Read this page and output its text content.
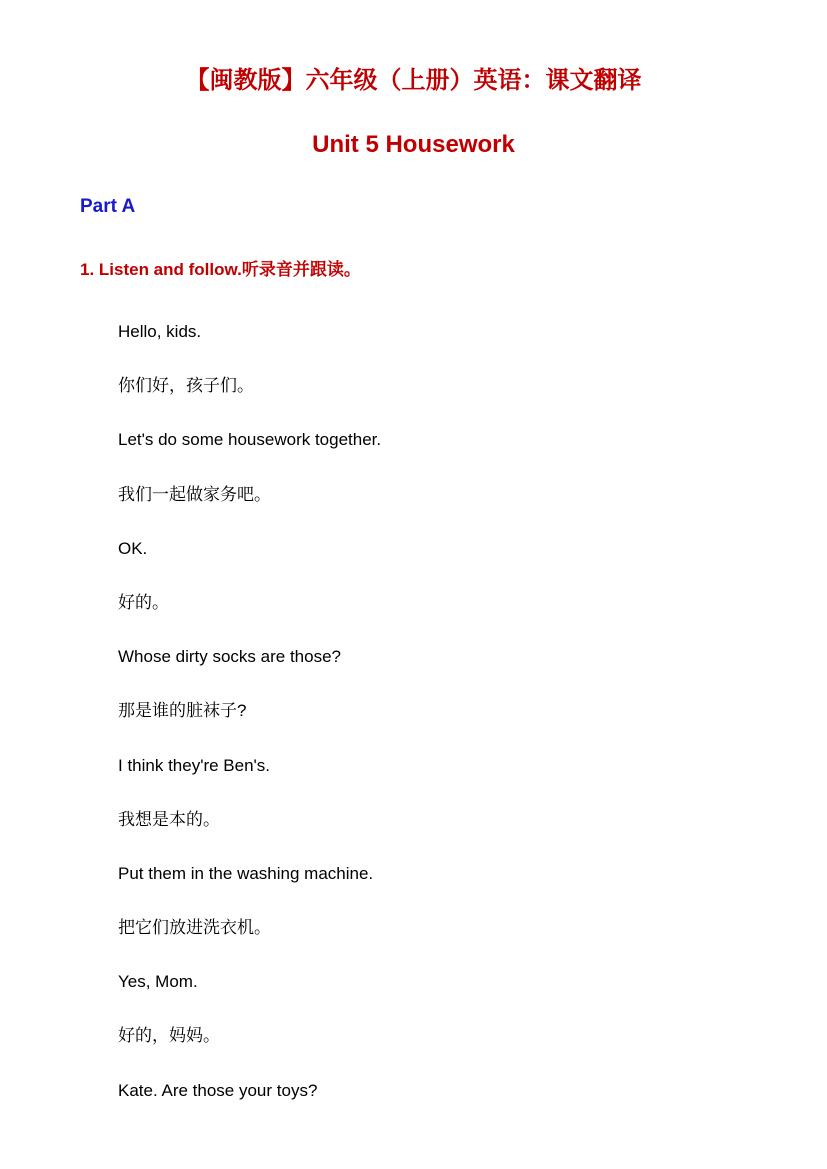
【闽教版】六年级（上册）英语：课文翻译
Unit 5 Housework
Part A
1. Listen and follow.听录音并跟读。
Hello, kids.
你们好，孩子们。
Let's do some housework together.
我们一起做家务吧。
OK.
好的。
Whose dirty socks are those?
那是谁的脏袜子?
I think they're Ben's.
我想是本的。
Put them in the washing machine.
把它们放进洗衣机。
Yes, Mom.
好的，妈妈。
Kate. Are those your toys?
